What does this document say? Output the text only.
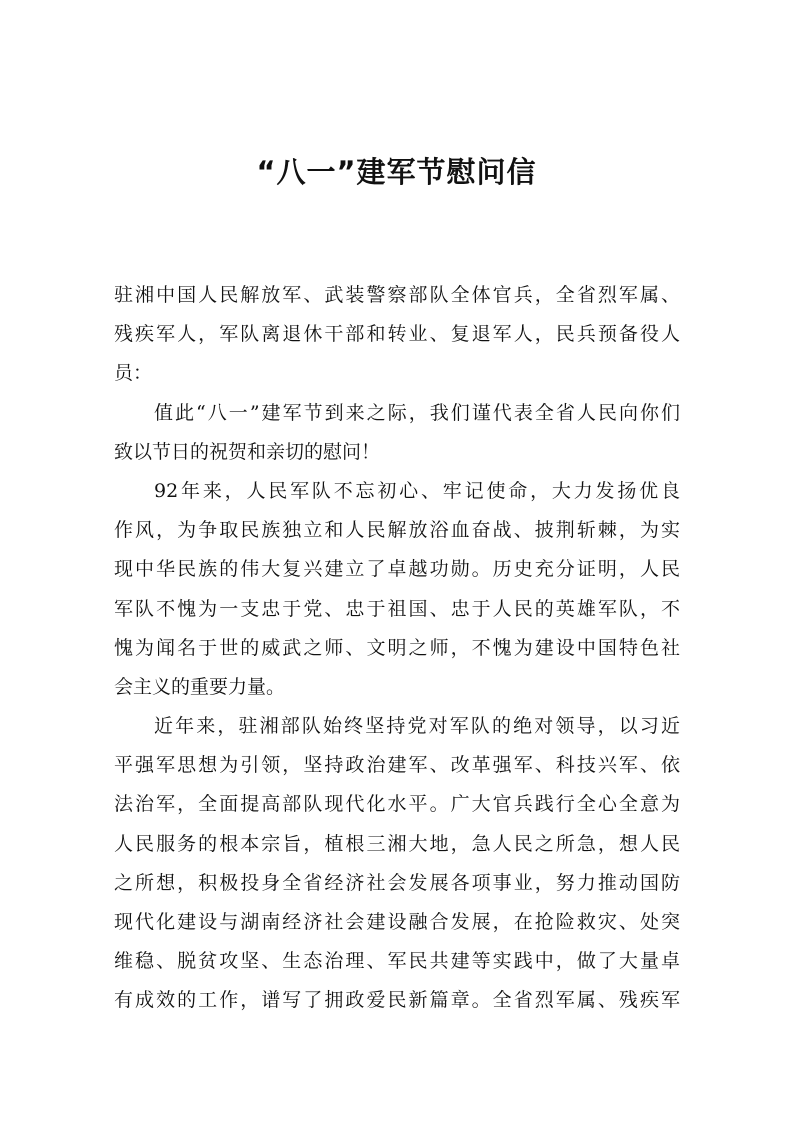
“八一”建军节慰问信
驻湘中国人民解放军、武装警察部队全体官兵，全省烈军属、
残疾军人，军队离退休干部和转业、复退军人，民兵预备役人
员：
值此“八一”建军节到来之际，我们谨代表全省人民向你们
致以节日的祝贺和亲切的慰问！
92年来，人民军队不忘初心、牢记使命，大力发扬优良
作风，为争取民族独立和人民解放浴血奋战、披荆斩棘，为实
现中华民族的伟大复兴建立了卓越功勋。历史充分证明，人民
军队不愧为一支忠于党、忠于祖国、忠于人民的英雄军队，不
愧为闻名于世的威武之师、文明之师，不愧为建设中国特色社
会主义的重要力量。
近年来，驻湘部队始终坚持党对军队的绝对领导，以习近
平强军思想为引领，坚持政治建军、改革强军、科技兴军、依
法治军，全面提高部队现代化水平。广大官兵践行全心全意为
人民服务的根本宗旨，植根三湘大地，急人民之所急，想人民
之所想，积极投身全省经济社会发展各项事业，努力推动国防
现代化建设与湖南经济社会建设融合发展，在抢险救灾、处突
维稳、脱贫攻坚、生态治理、军民共建等实践中，做了大量卓
有成效的工作，谱写了拥政爱民新篇章。全省烈军属、残疾军
